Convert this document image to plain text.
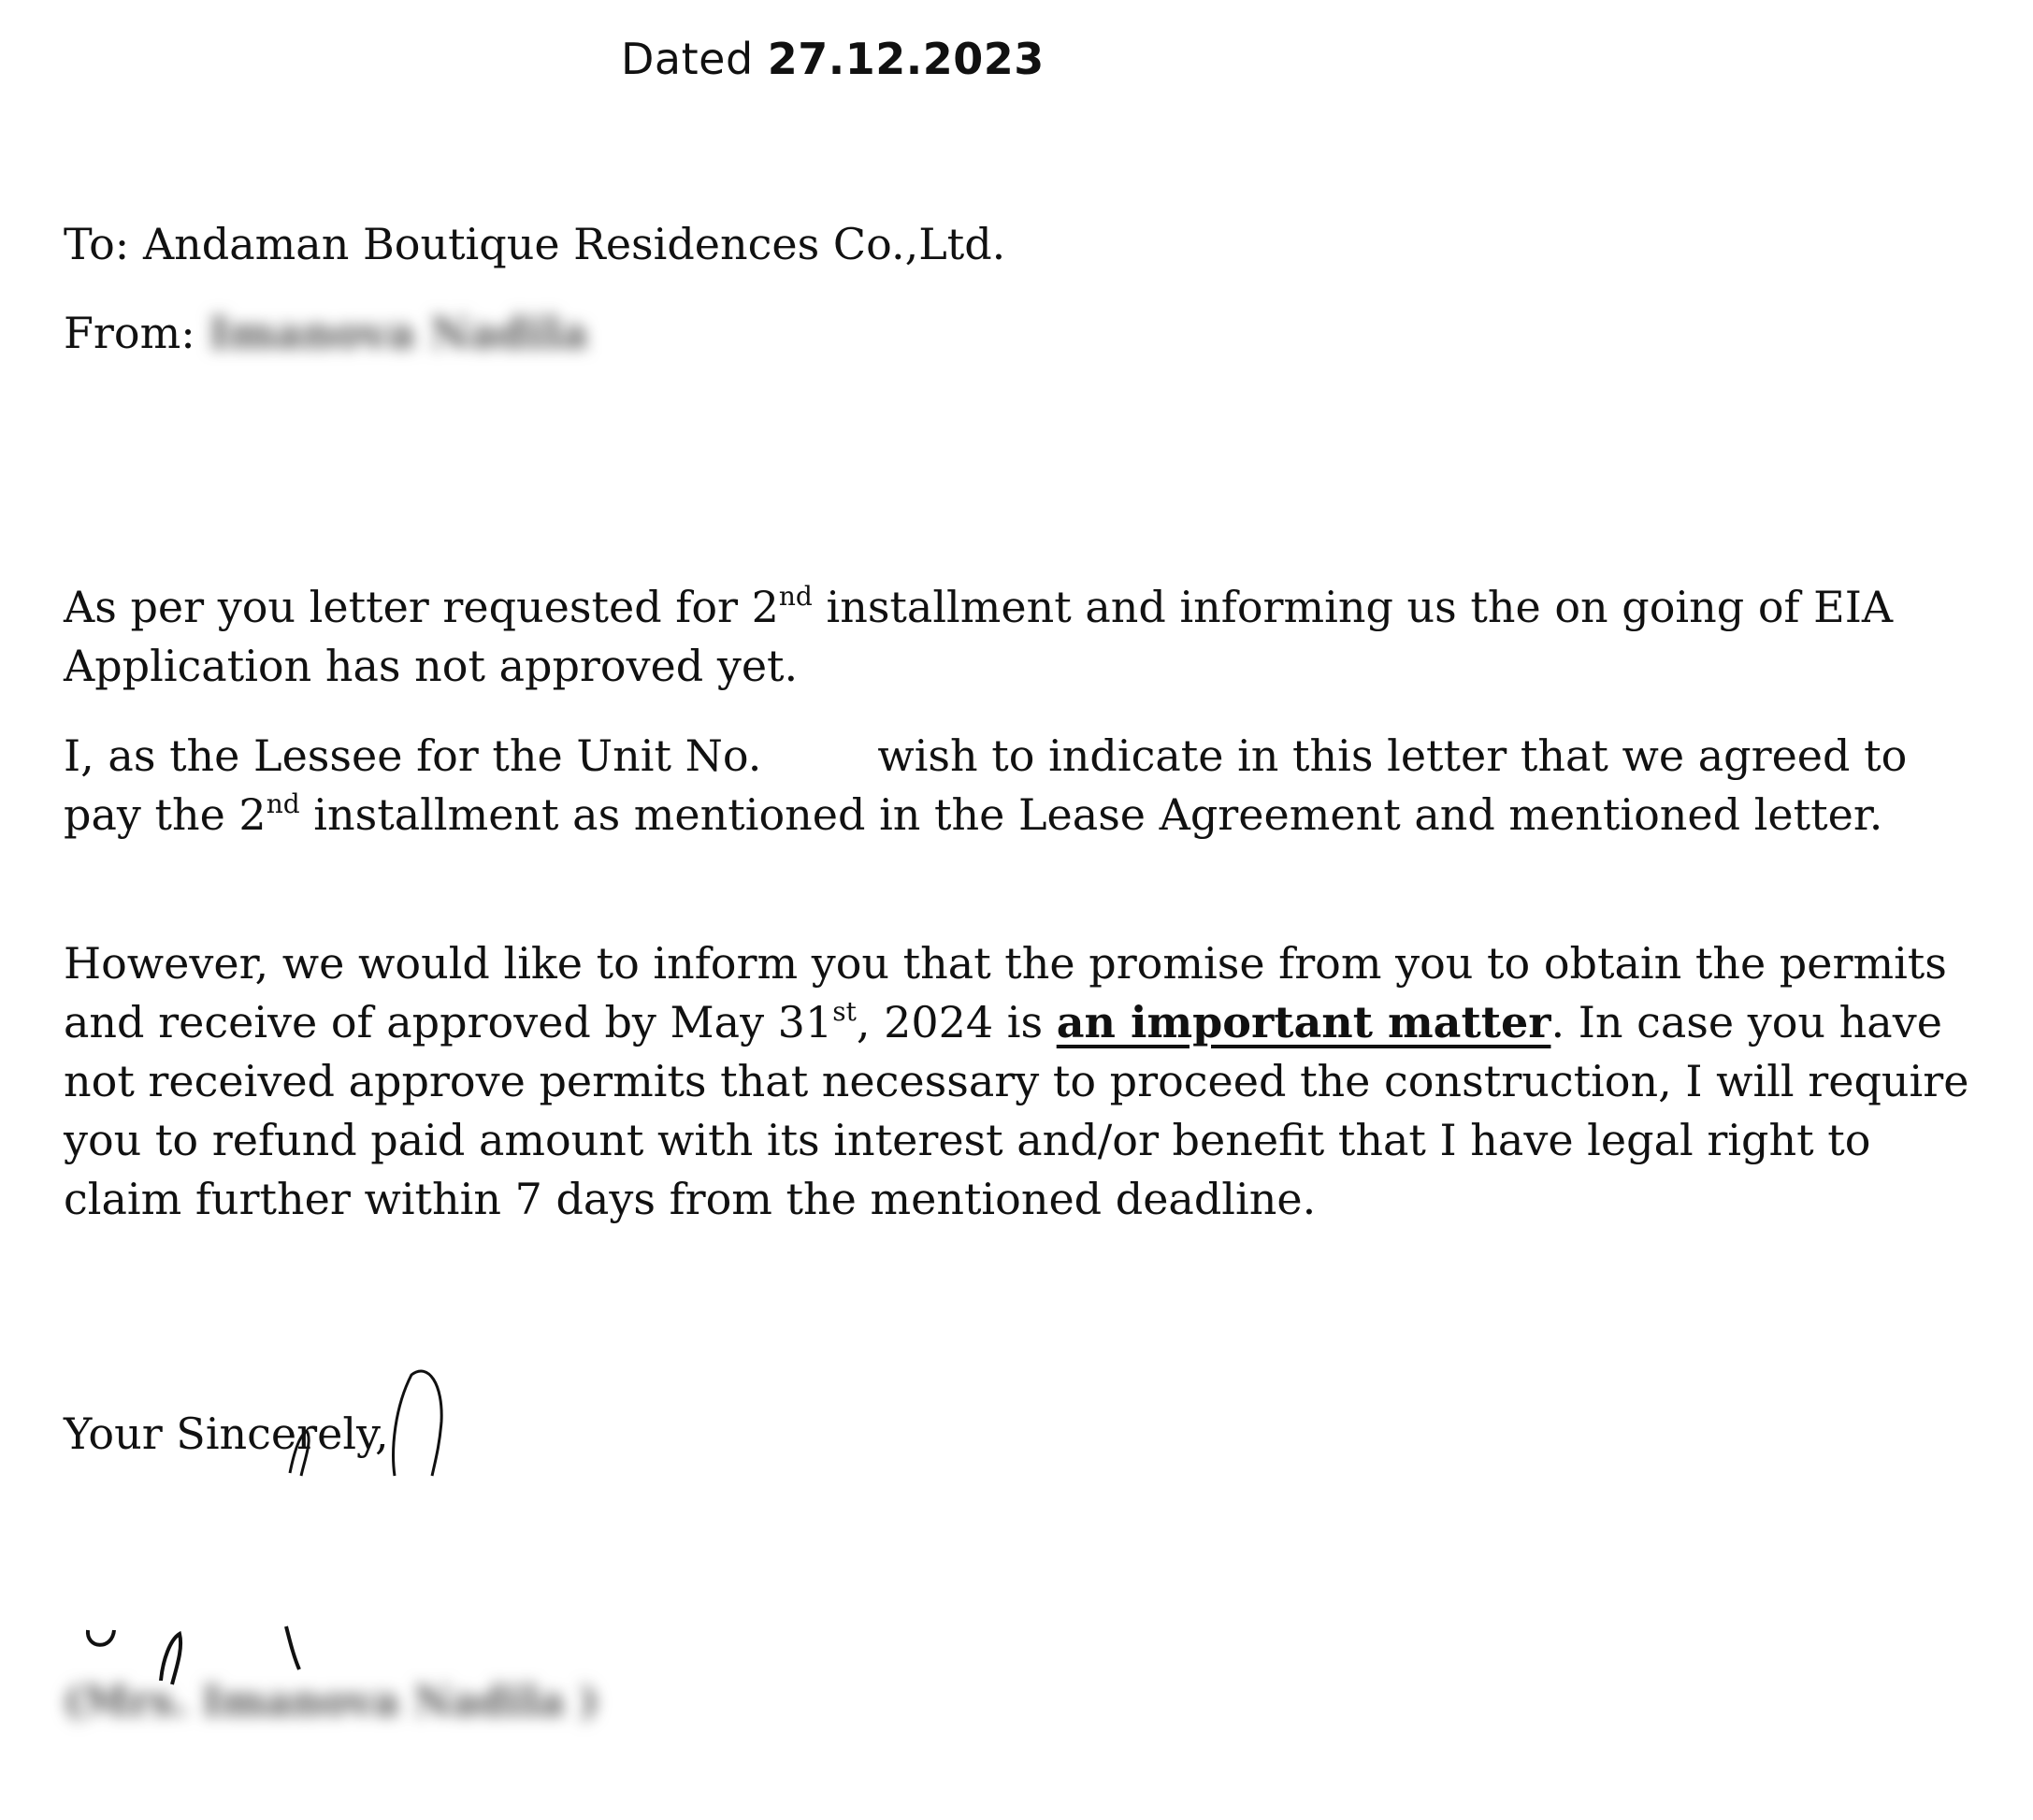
Dated 27.12.2023
To: Andaman Boutique Residences Co.,Ltd.
From: Imanova Nadila

As per you letter requested for 2nd installment and informing us the on going of EIA Application has not approved yet.

I, as the Lessee for the Unit No.	wish to indicate in this letter that we agreed to pay the 2nd installment as mentioned in the Lease Agreement and mentioned letter.

However, we would like to inform you that the promise from you to obtain the permits and receive of approved by May 31st, 2024 is an important matter. In case you have not received approve permits that necessary to proceed the construction, I will require you to refund paid amount with its interest and/or benefit that I have legal right to claim further within 7 days from the mentioned deadline.

Your Sincerely,
(Mrs. Imanova Nadila )
